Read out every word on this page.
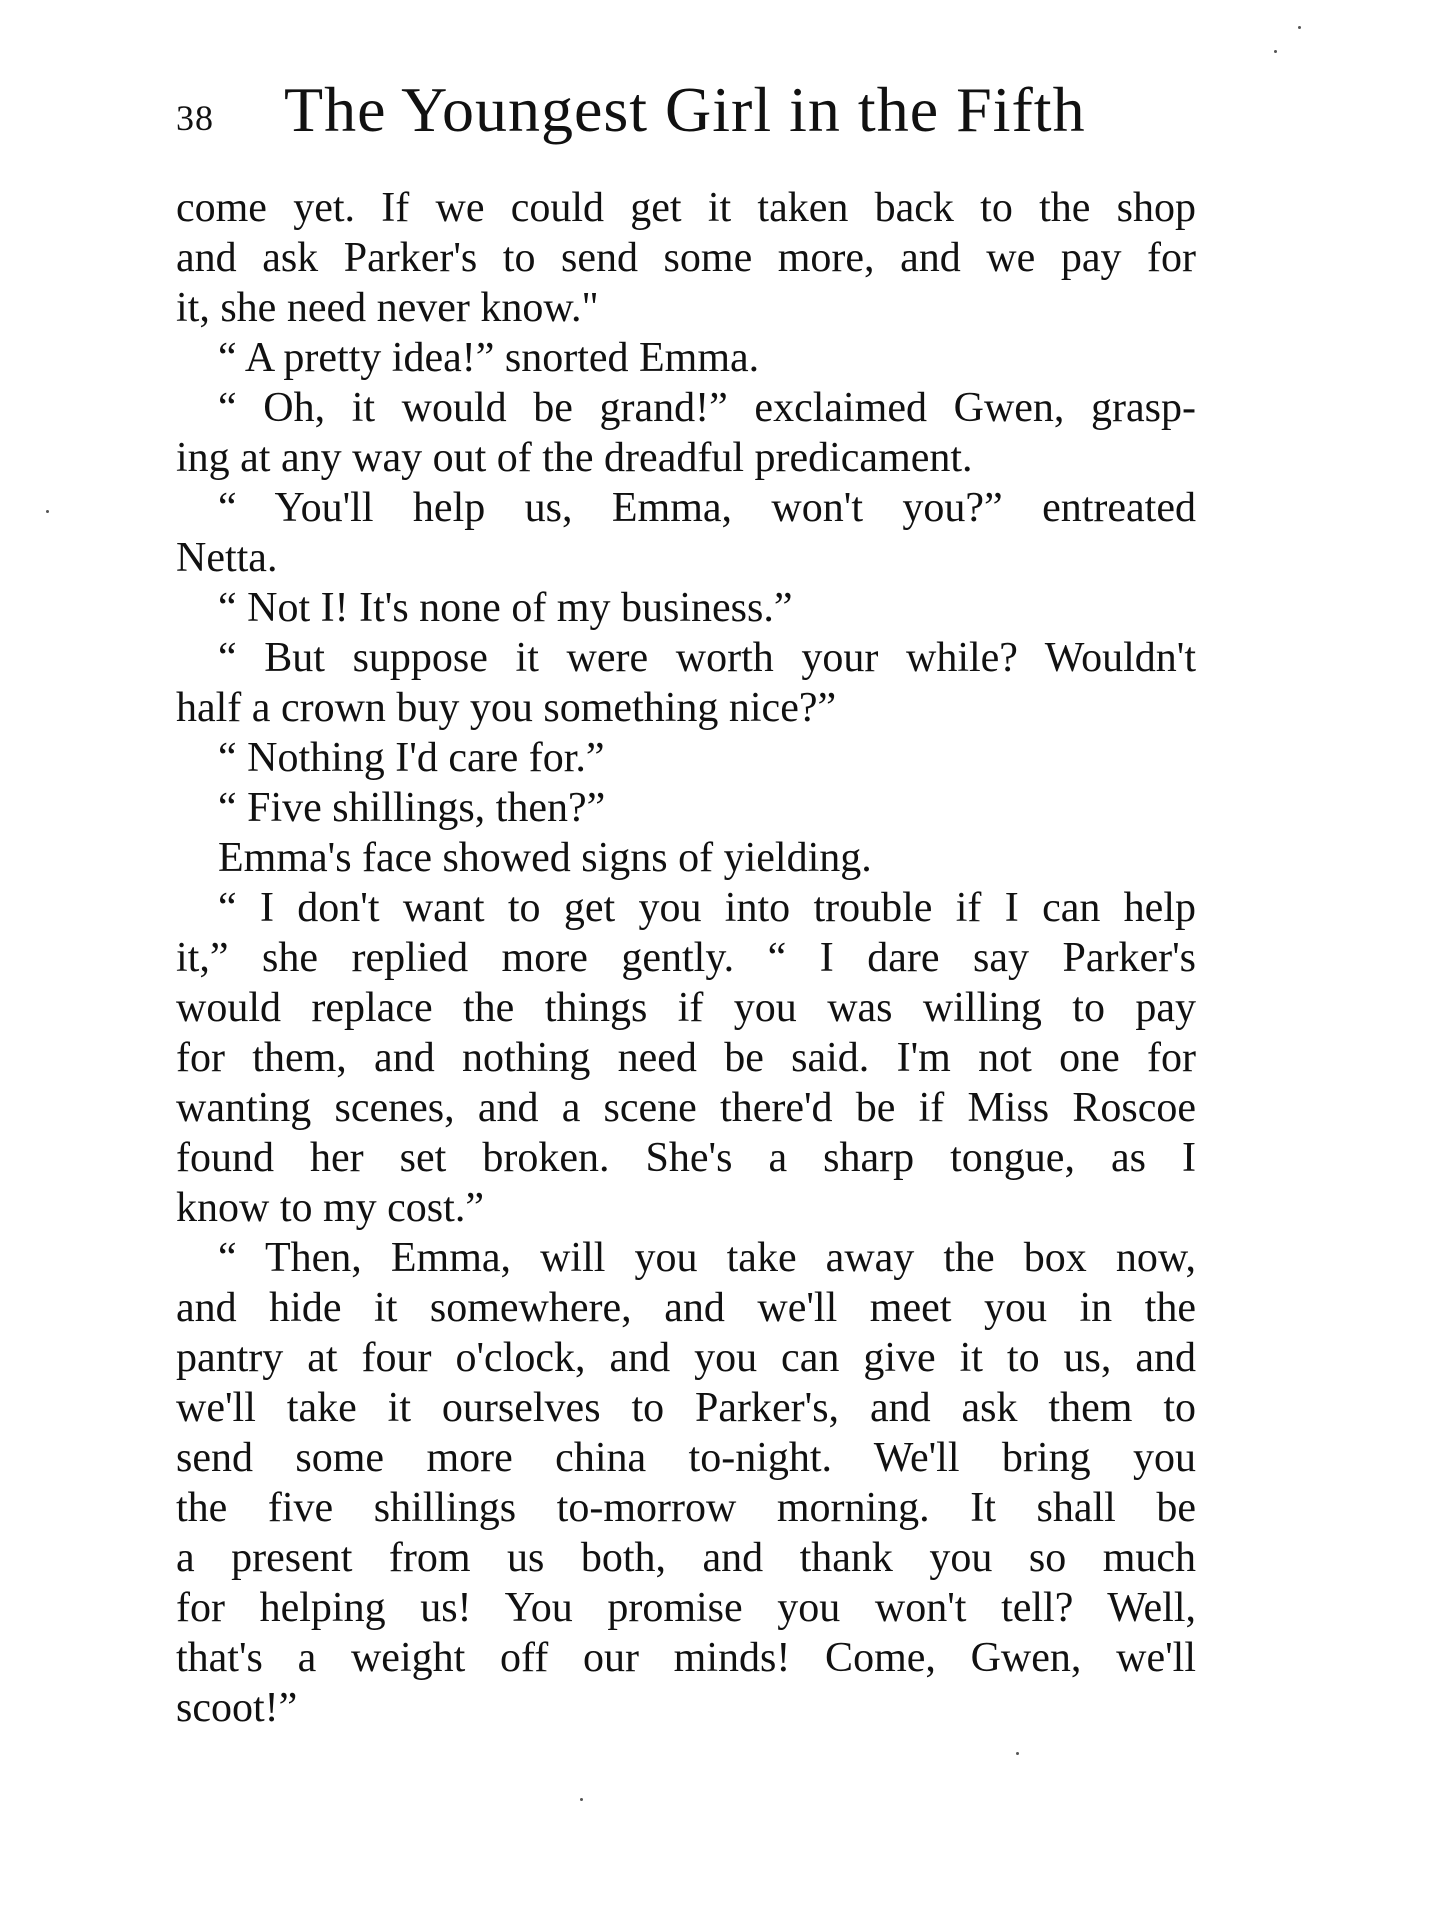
38 The Youngest Girl in the Fifth
come yet. If we could get it taken back to the shop
and ask Parker's to send some more, and we pay for
it, she need never know."
“ A pretty idea!” snorted Emma.
“ Oh, it would be grand!” exclaimed Gwen, grasp-
ing at any way out of the dreadful predicament.
“ You'll help us, Emma, won't you?” entreated
Netta.
“ Not I! It's none of my business.”
“ But suppose it were worth your while? Wouldn't
half a crown buy you something nice?”
“ Nothing I'd care for.”
“ Five shillings, then?”
Emma's face showed signs of yielding.
“ I don't want to get you into trouble if I can help
it,” she replied more gently. “ I dare say Parker's
would replace the things if you was willing to pay
for them, and nothing need be said. I'm not one for
wanting scenes, and a scene there'd be if Miss Roscoe
found her set broken. She's a sharp tongue, as I
know to my cost.”
“ Then, Emma, will you take away the box now,
and hide it somewhere, and we'll meet you in the
pantry at four o'clock, and you can give it to us, and
we'll take it ourselves to Parker's, and ask them to
send some more china to-night. We'll bring you
the five shillings to-morrow morning. It shall be
a present from us both, and thank you so much
for helping us! You promise you won't tell? Well,
that's a weight off our minds! Come, Gwen, we'll
scoot!”
